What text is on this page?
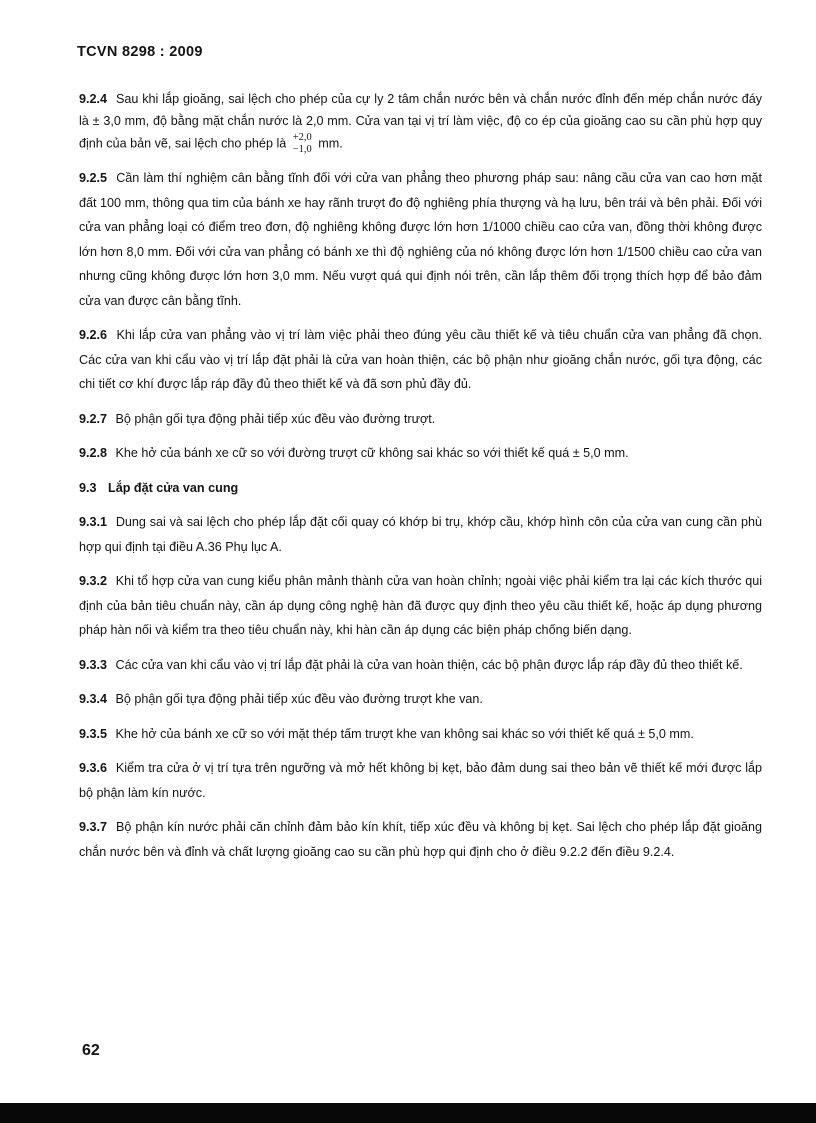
TCVN 8298 : 2009

9.2.4 Sau khi lắp gioăng, sai lệch cho phép của cự ly 2 tâm chắn nước bên và chắn nước đỉnh đến mép chắn nước đáy là ± 3,0 mm, độ bằng mặt chắn nước là 2,0 mm. Cửa van tại vị trí làm việc, độ co ép của gioăng cao su cần phù hợp quy định của bản vẽ, sai lệch cho phép là +2,0
−1,0 mm.

9.2.5 Cần làm thí nghiệm cân bằng tĩnh đối với cửa van phẳng theo phương pháp sau: nâng cầu cửa van cao hơn mặt đất 100 mm, thông qua tim của bánh xe hay rãnh trượt đo độ nghiêng phía thượng và hạ lưu, bên trái và bên phải. Đối với cửa van phẳng loại có điểm treo đơn, độ nghiêng không được lớn hơn 1/1000 chiều cao cửa van, đồng thời không được lớn hơn 8,0 mm. Đối với cửa van phẳng có bánh xe thì độ nghiêng của nó không được lớn hơn 1/1500 chiều cao cửa van nhưng cũng không được lớn hơn 3,0 mm. Nếu vượt quá qui định nói trên, cần lắp thêm đối trọng thích hợp để bảo đảm cửa van được cân bằng tĩnh.

9.2.6 Khi lắp cửa van phẳng vào vị trí làm việc phải theo đúng yêu cầu thiết kế và tiêu chuẩn cửa van phẳng đã chọn. Các cửa van khi cẩu vào vị trí lắp đặt phải là cửa van hoàn thiện, các bộ phận như gioăng chắn nước, gối tựa động, các chi tiết cơ khí được lắp ráp đầy đủ theo thiết kế và đã sơn phủ đầy đủ.

9.2.7 Bộ phận gối tựa động phải tiếp xúc đều vào đường trượt.

9.2.8 Khe hở của bánh xe cữ so với đường trượt cữ không sai khác so với thiết kế quá ± 5,0 mm.

9.3 Lắp đặt cửa van cung

9.3.1 Dung sai và sai lệch cho phép lắp đặt cối quay có khớp bi trụ, khớp cầu, khớp hình côn của cửa van cung cần phù hợp qui định tại điều A.36 Phụ lục A.

9.3.2 Khi tổ hợp cửa van cung kiểu phân mảnh thành cửa van hoàn chỉnh; ngoài việc phải kiểm tra lại các kích thước qui định của bản tiêu chuẩn này, cần áp dụng công nghệ hàn đã được quy định theo yêu cầu thiết kế, hoặc áp dụng phương pháp hàn nối và kiểm tra theo tiêu chuẩn này, khi hàn cần áp dụng các biện pháp chống biến dạng.

9.3.3 Các cửa van khi cẩu vào vị trí lắp đặt phải là cửa van hoàn thiện, các bộ phận được lắp ráp đầy đủ theo thiết kế.

9.3.4 Bộ phận gối tựa động phải tiếp xúc đều vào đường trượt khe van.

9.3.5 Khe hở của bánh xe cữ so với mặt thép tấm trượt khe van không sai khác so với thiết kế quá ± 5,0 mm.

9.3.6 Kiểm tra cửa ở vị trí tựa trên ngưỡng và mở hết không bị kẹt, bảo đảm dung sai theo bản vẽ thiết kế mới được lắp bộ phận làm kín nước.

9.3.7 Bộ phận kín nước phải căn chỉnh đảm bảo kín khít, tiếp xúc đều và không bị kẹt. Sai lệch cho phép lắp đặt gioăng chắn nước bên và đỉnh và chất lượng gioăng cao su cần phù hợp qui định cho ở điều 9.2.2 đến điều 9.2.4.

62
